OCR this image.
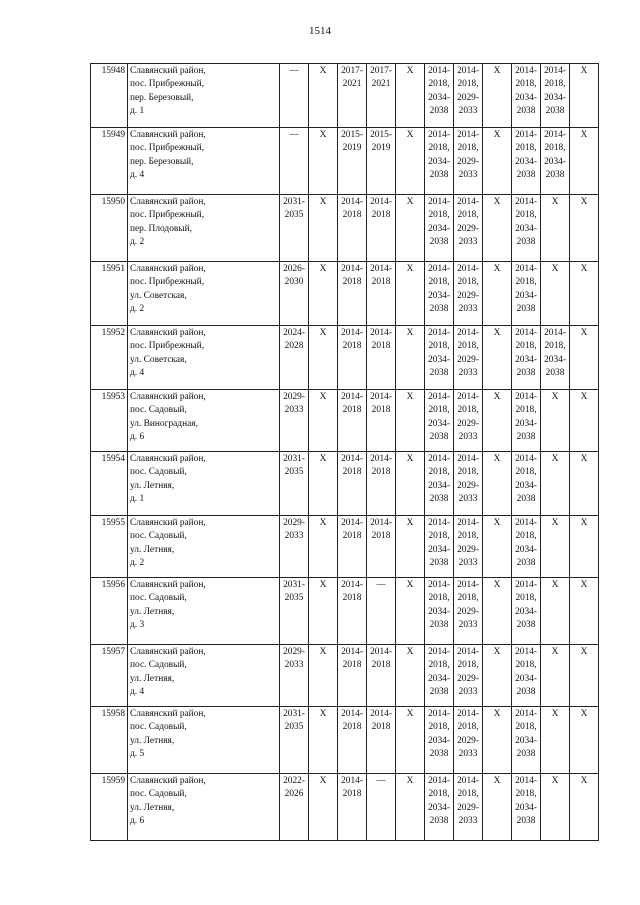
1514
15948	Славянский район,
пос. Прибрежный,
пер. Березовый,
д. 1	—	X	2017-
2021	2017-
2021	X	2014-
2018,
2034-
2038	2014-
2018,
2029-
2033	X	2014-
2018,
2034-
2038	2014-
2018,
2034-
2038	X

15949	Славянский район,
пос. Прибрежный,
пер. Березовый,
д. 4	—	X	2015-
2019	2015-
2019	X	2014-
2018,
2034-
2038	2014-
2018,
2029-
2033	X	2014-
2018,
2034-
2038	2014-
2018,
2034-
2038	X

15950	Славянский район,
пос. Прибрежный,
пер. Плодовый,
д. 2	2031-
2035	X	2014-
2018	2014-
2018	X	2014-
2018,
2034-
2038	2014-
2018,
2029-
2033	X	2014-
2018,
2034-
2038	X	X

15951	Славянский район,
пос. Прибрежный,
ул. Советская,
д. 2	2026-
2030	X	2014-
2018	2014-
2018	X	2014-
2018,
2034-
2038	2014-
2018,
2029-
2033	X	2014-
2018,
2034-
2038	X	X

15952	Славянский район,
пос. Прибрежный,
ул. Советская,
д. 4	2024-
2028	X	2014-
2018	2014-
2018	X	2014-
2018,
2034-
2038	2014-
2018,
2029-
2033	X	2014-
2018,
2034-
2038	2014-
2018,
2034-
2038	X

15953	Славянский район,
пос. Садовый,
ул. Виноградная,
д. 6	2029-
2033	X	2014-
2018	2014-
2018	X	2014-
2018,
2034-
2038	2014-
2018,
2029-
2033	X	2014-
2018,
2034-
2038	X	X

15954	Славянский район,
пос. Садовый,
ул. Летняя,
д. 1	2031-
2035	X	2014-
2018	2014-
2018	X	2014-
2018,
2034-
2038	2014-
2018,
2029-
2033	X	2014-
2018,
2034-
2038	X	X

15955	Славянский район,
пос. Садовый,
ул. Летняя,
д. 2	2029-
2033	X	2014-
2018	2014-
2018	X	2014-
2018,
2034-
2038	2014-
2018,
2029-
2033	X	2014-
2018,
2034-
2038	X	X

15956	Славянский район,
пос. Садовый,
ул. Летняя,
д. 3	2031-
2035	X	2014-
2018	—	X	2014-
2018,
2034-
2038	2014-
2018,
2029-
2033	X	2014-
2018,
2034-
2038	X	X

15957	Славянский район,
пос. Садовый,
ул. Летняя,
д. 4	2029-
2033	X	2014-
2018	2014-
2018	X	2014-
2018,
2034-
2038	2014-
2018,
2029-
2033	X	2014-
2018,
2034-
2038	X	X

15958	Славянский район,
пос. Садовый,
ул. Летняя,
д. 5	2031-
2035	X	2014-
2018	2014-
2018	X	2014-
2018,
2034-
2038	2014-
2018,
2029-
2033	X	2014-
2018,
2034-
2038	X	X

15959	Славянский район,
пос. Садовый,
ул. Летняя,
д. 6	2022-
2026	X	2014-
2018	—	X	2014-
2018,
2034-
2038	2014-
2018,
2029-
2033	X	2014-
2018,
2034-
2038	X	X
